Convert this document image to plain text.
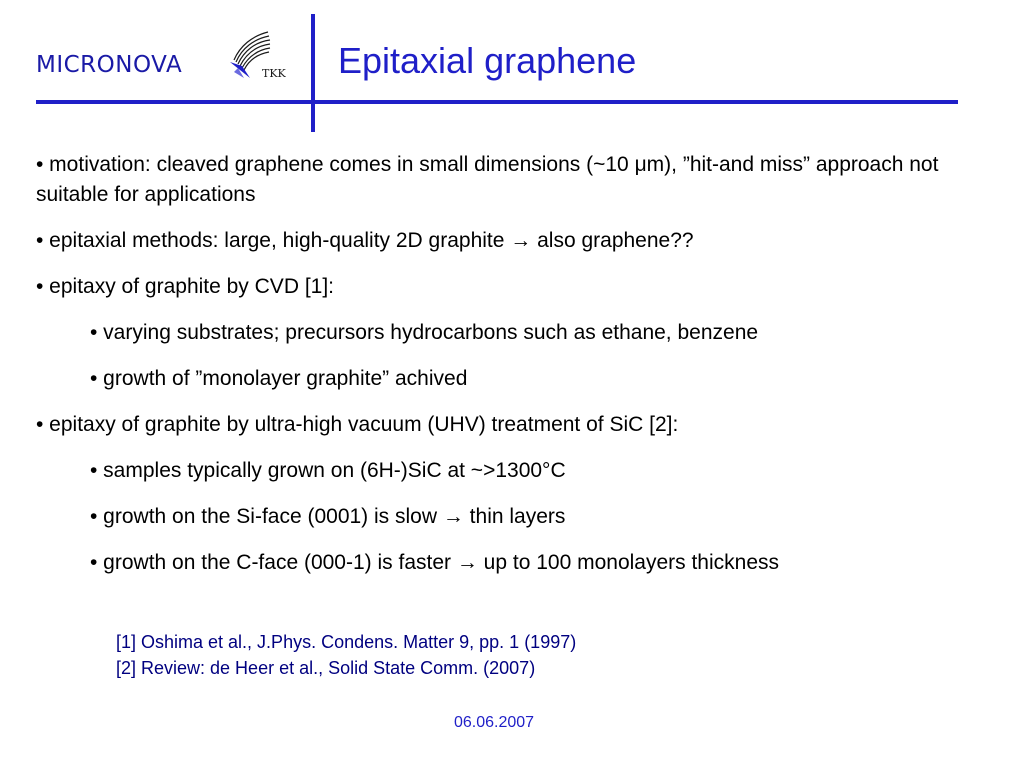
MICRONOVA	TKK Epitaxial graphene
• motivation: cleaved graphene comes in small dimensions (~10 μm), ”hit-and miss” approach not suitable for applications
• epitaxial methods: large, high-quality 2D graphite → also graphene??
• epitaxy of graphite by CVD [1]:
• varying substrates; precursors hydrocarbons such as ethane, benzene
• growth of ”monolayer graphite” achived
• epitaxy of graphite by ultra-high vacuum (UHV) treatment of SiC [2]:
• samples typically grown on (6H-)SiC at ~>1300°C
• growth on the Si-face (0001) is slow → thin layers
• growth on the C-face (000-1) is faster → up to 100 monolayers thickness
[1] Oshima et al., J.Phys. Condens. Matter 9, pp. 1 (1997)
[2] Review: de Heer et al., Solid State Comm. (2007)
06.06.2007
